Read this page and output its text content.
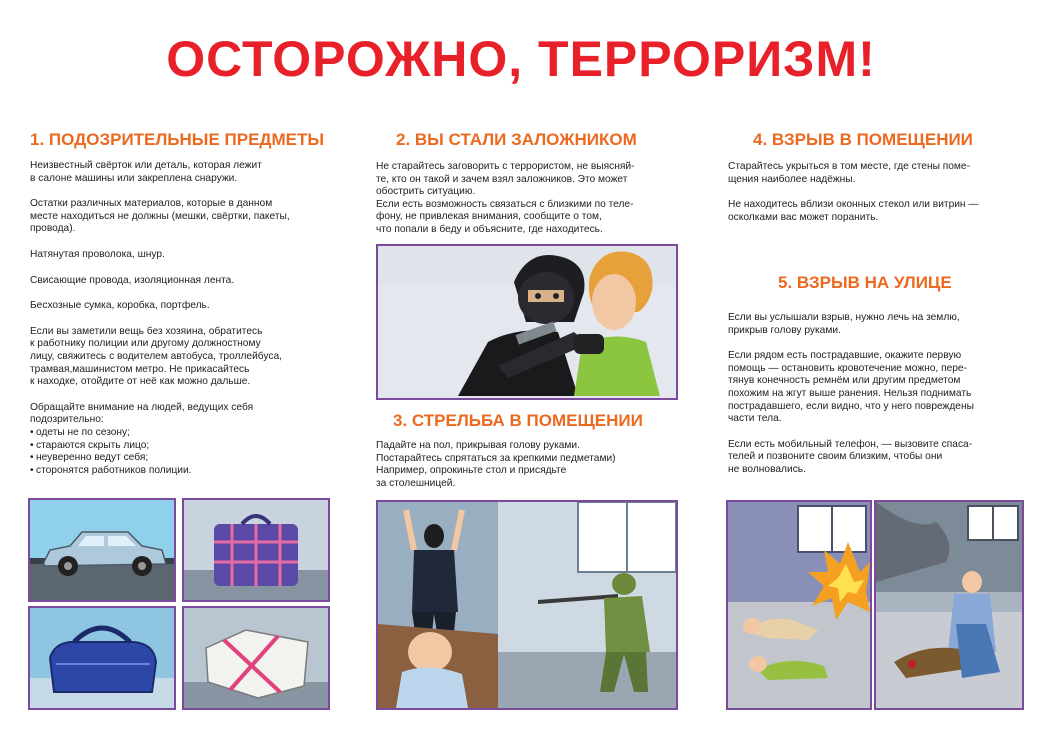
ОСТОРОЖНО, ТЕРРОРИЗМ!
1. ПОДОЗРИТЕЛЬНЫЕ ПРЕДМЕТЫ
Неизвестный свёрток или деталь, которая лежит
в салоне машины или закреплена снаружи.
Остатки различных материалов, которые в данном
месте находиться не должны (мешки, свёртки, пакеты,
провода).
Натянутая проволока, шнур.
Свисающие провода, изоляционная лента.
Бесхозные сумка, коробка, портфель.
Если вы заметили вещь без хозяина, обратитесь
к работнику полиции или другому должностному
лицу, свяжитесь с водителем автобуса, троллейбуса,
трамвая,машинистом метро. Не прикасайтесь
к находке, отойдите от неё как можно дальше.
Обращайте внимание на людей, ведущих себя
подозрительно:
• одеты не по сезону;
• стараются скрыть лицо;
• неуверенно ведут себя;
• сторонятся работников полиции.
2. ВЫ СТАЛИ ЗАЛОЖНИКОМ
Не старайтесь заговорить с террористом, не выясняй-
те, кто он такой и зачем взял заложников. Это может
обострить ситуацию.
Если есть возможность связаться с близкими по теле-
фону, не привлекая внимания, сообщите о том,
что попали в беду и объясните, где находитесь.
3. СТРЕЛЬБА В ПОМЕЩЕНИИ
Падайте на пол, прикрывая голову руками.
Постарайтесь спрятаться за крепкими педметами)
Например, опрокиньте стол и присядьте
за столешницей.
4. ВЗРЫВ В ПОМЕЩЕНИИ
Старайтесь укрыться в том месте, где стены поме-
щения наиболее надёжны.
Не находитесь вблизи оконных стекол или витрин —
осколками вас может поранить.
5. ВЗРЫВ НА УЛИЦЕ
Если вы услышали взрыв, нужно лечь на землю,
прикрыв голову руками.
Если рядом есть пострадавшие, окажите первую
помощь — остановить кровотечение можно, пере-
тянув конечность ремнём или другим предметом
похожим на жгут выше ранения. Нельзя поднимать
пострадавшего, если видно, что у него повреждены
части тела.
Если есть мобильный телефон, — вызовите спаса-
телей и позвоните своим близким, чтобы они
не волновались.
